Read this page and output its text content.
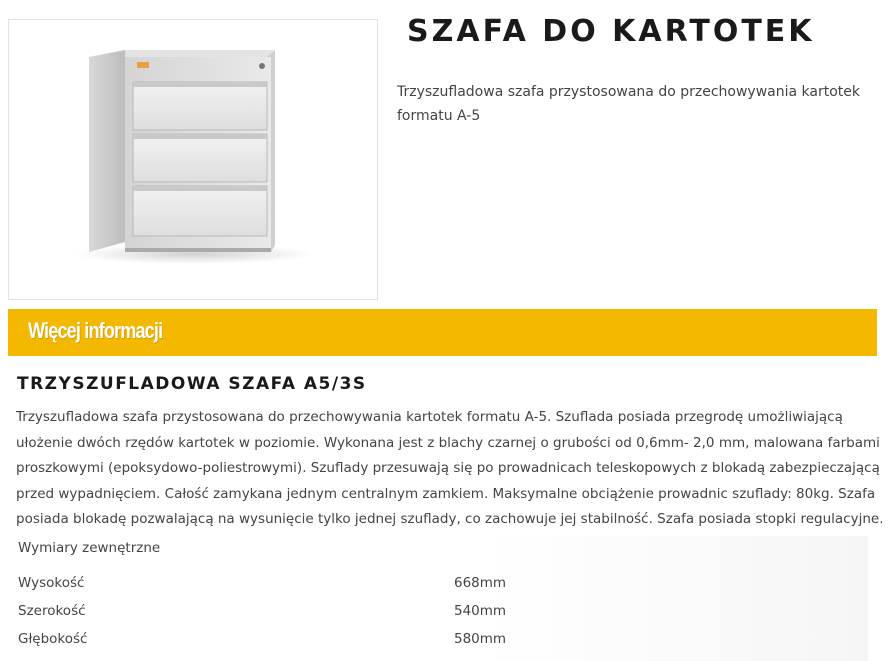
SZAFA DO KARTOTEK
Trzyszufladowa szafa przystosowana do przechowywania kartotek formatu A-5
Więcej informacji
TRZYSZUFLADOWA SZAFA A5/3S
Trzyszufladowa szafa przystosowana do przechowywania kartotek formatu A-5. Szuflada posiada przegrodę umożliwiającą ułożenie dwóch rzędów kartotek w poziomie. Wykonana jest z blachy czarnej o grubości od 0,6mm- 2,0 mm, malowana farbami proszkowymi (epoksydowo-poliestrowymi). Szuflady przesuwają się po prowadnicach teleskopowych z blokadą zabezpieczającą przed wypadnięciem. Całość zamykana jednym centralnym zamkiem. Maksymalne obciążenie prowadnic szuflady: 80kg. Szafa posiada blokadę pozwalającą na wysunięcie tylko jednej szuflady, co zachowuje jej stabilność. Szafa posiada stopki regulacyjne.
Wymiary zewnętrzne
Wysokość	668mm
Szerokość	540mm
Głębokość	580mm
